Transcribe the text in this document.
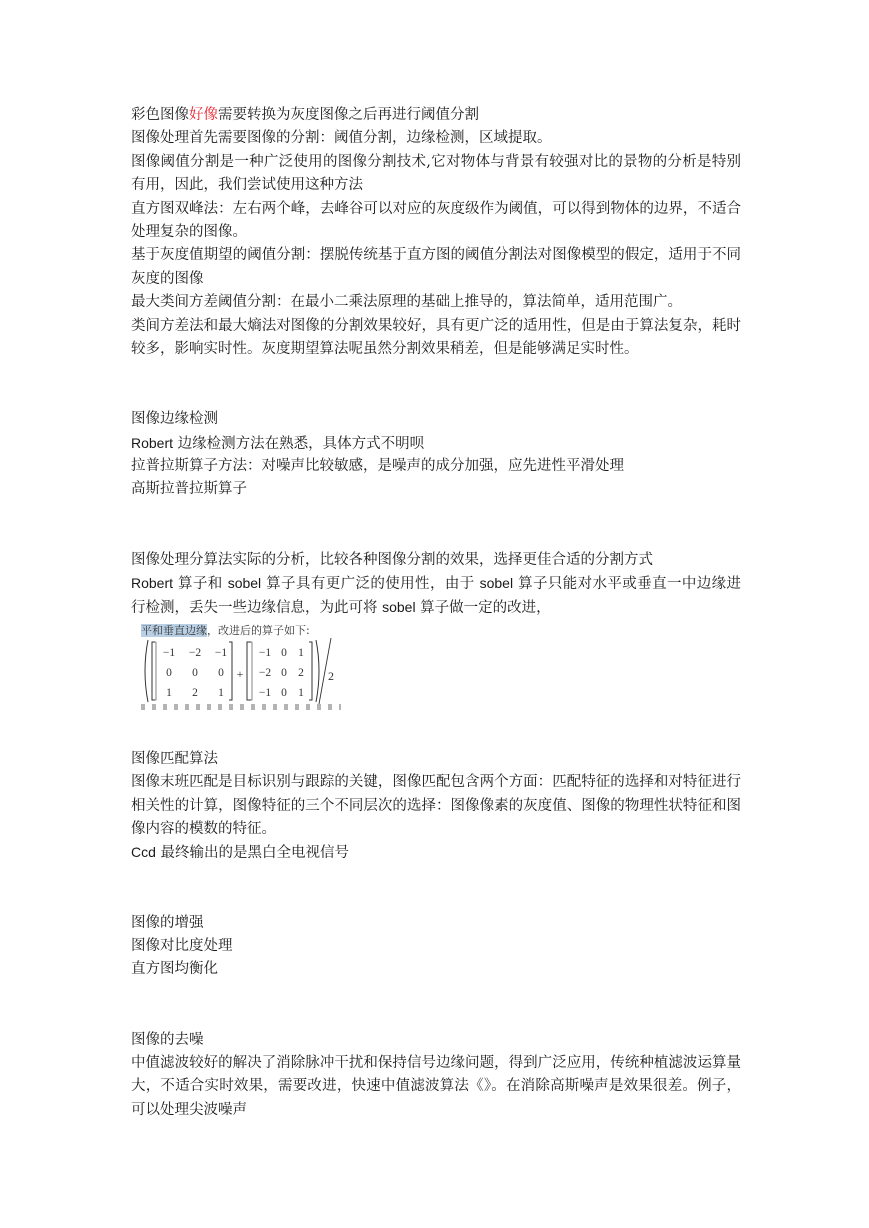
彩色图像好像需要转换为灰度图像之后再进行阈值分割
图像处理首先需要图像的分割：阈值分割，边缘检测，区域提取。
图像阈值分割是一种广泛使用的图像分割技术,它对物体与背景有较强对比的景物的分析是特别有用，因此，我们尝试使用这种方法
直方图双峰法：左右两个峰，去峰谷可以对应的灰度级作为阈值，可以得到物体的边界，不适合处理复杂的图像。
基于灰度值期望的阈值分割：摆脱传统基于直方图的阈值分割法对图像模型的假定，适用于不同灰度的图像
最大类间方差阈值分割：在最小二乘法原理的基础上推导的，算法简单，适用范围广。
类间方差法和最大熵法对图像的分割效果较好，具有更广泛的适用性，但是由于算法复杂，耗时较多，影响实时性。灰度期望算法呢虽然分割效果稍差，但是能够满足实时性。
图像边缘检测
Robert 边缘检测方法在熟悉，具体方式不明呗
拉普拉斯算子方法：对噪声比较敏感，是噪声的成分加强，应先进性平滑处理
高斯拉普拉斯算子
图像处理分算法实际的分析，比较各种图像分割的效果，选择更佳合适的分割方式
Robert 算子和 sobel 算子具有更广泛的使用性，由于 sobel 算子只能对水平或垂直一中边缘进行检测，丢失一些边缘信息，为此可将 sobel 算子做一定的改进，
平和垂直边缘，改进后的算子如下:
−1 −2 −1
0 0 0
1 2 1
+
−1 0 1
−2 0 2
−1 0 1
2
图像匹配算法
图像末班匹配是目标识别与跟踪的关键，图像匹配包含两个方面：匹配特征的选择和对特征进行相关性的计算，图像特征的三个不同层次的选择：图像像素的灰度值、图像的物理性状特征和图像内容的模数的特征。
Ccd 最终输出的是黑白全电视信号
图像的增强
图像对比度处理
直方图均衡化
图像的去噪
中值滤波较好的解决了消除脉冲干扰和保持信号边缘问题，得到广泛应用，传统种植滤波运算量大，不适合实时效果，需要改进，快速中值滤波算法《》。在消除高斯噪声是效果很差。例子，可以处理尖波噪声
